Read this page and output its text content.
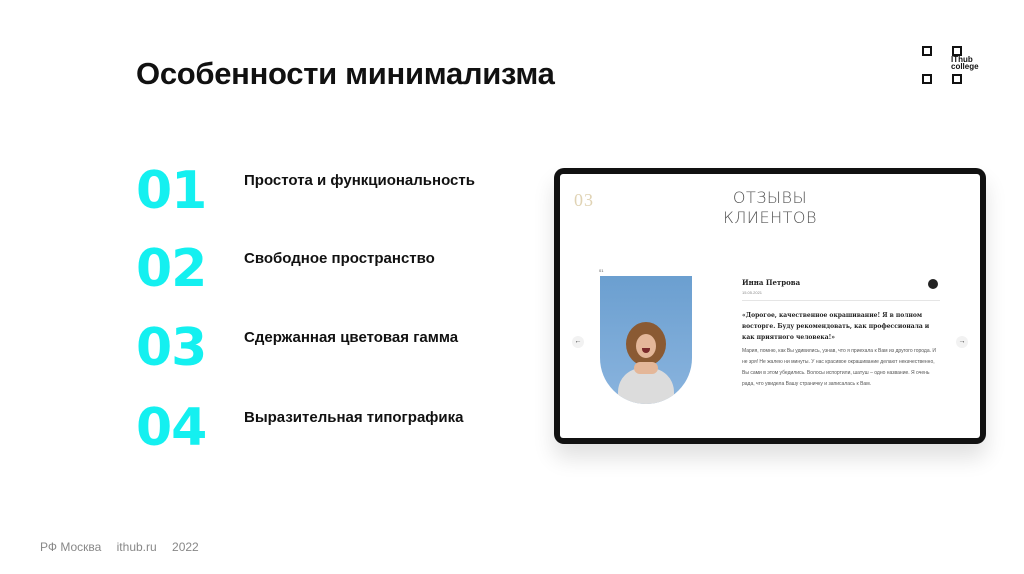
Особенности минимализма	IThub
college
01	Простота и функциональность
02	Свободное пространство
03	Сдержанная цветовая гамма
04	Выразительная типографика
03	ОТЗЫВЫ
КЛИЕНТОВ
01
←	→
Инна Петрова
15.05.2021
«Дорогое, качественное окрашивание! Я в полном восторге. Буду рекомендовать, как профессионала и как приятного человека!»
Мария, помню, как Вы удивились, узнав, что я приехала к Вам из другого города. И не зря! Не жалею ни минуты. У нас красивое окрашивание делают некачественно, Вы сами в этом убедились. Волосы испортили, шатуш – одно название. Я очень рада, что увидела Вашу страничку и записалась к Вам.
РФ Москва ithub.ru 2022
